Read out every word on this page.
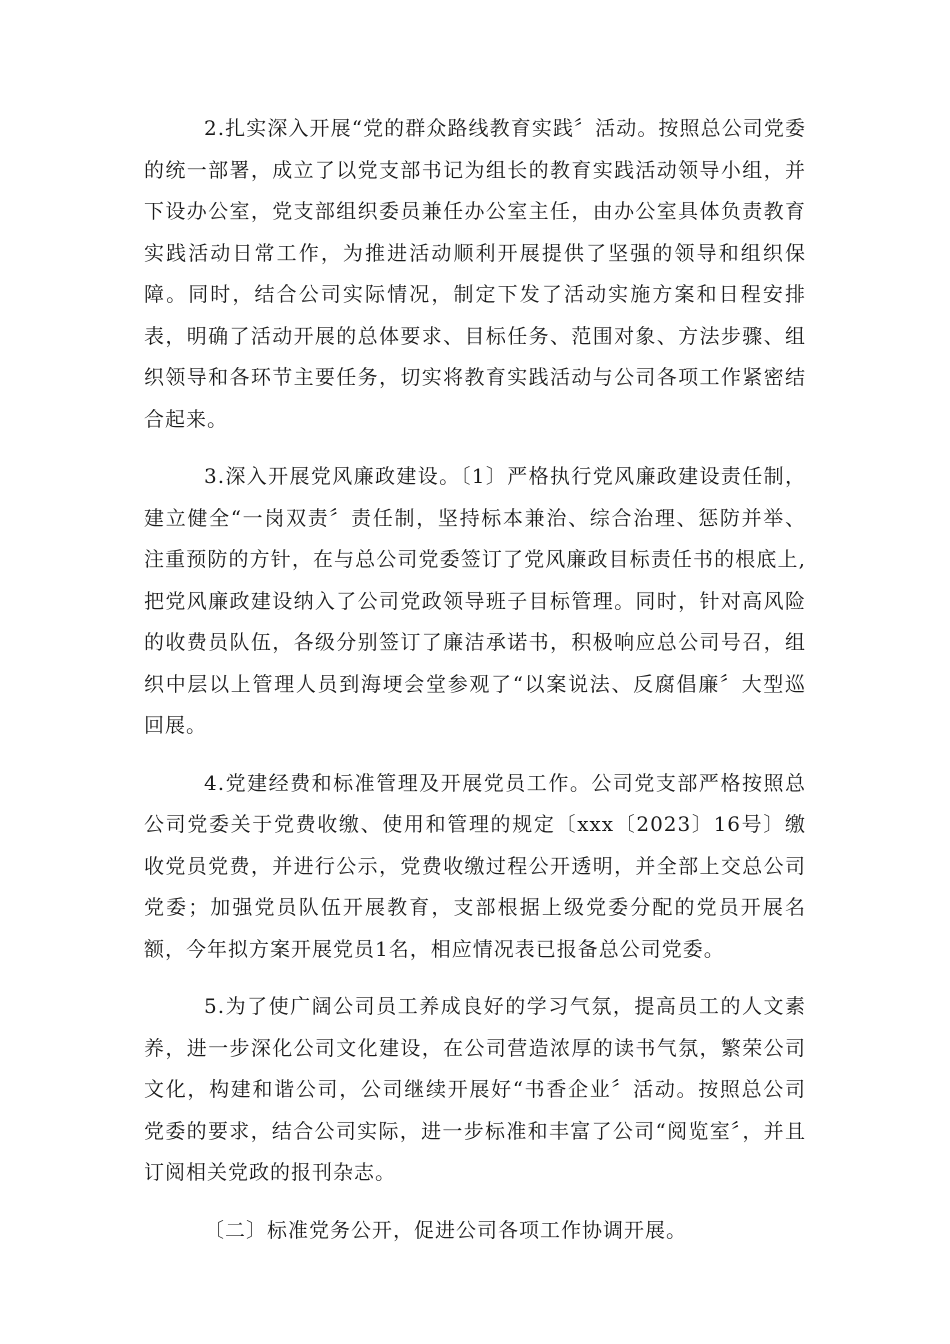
2.扎实深入开展“党的群众路线教育实践〞活动。按照总公司党委的统一部署，成立了以党支部书记为组长的教育实践活动领导小组，并下设办公室，党支部组织委员兼任办公室主任，由办公室具体负责教育实践活动日常工作，为推进活动顺利开展提供了坚强的领导和组织保障。同时，结合公司实际情况，制定下发了活动实施方案和日程安排表，明确了活动开展的总体要求、目标任务、范围对象、方法步骤、组织领导和各环节主要任务，切实将教育实践活动与公司各项工作紧密结合起来。

3.深入开展党风廉政建设。〔1〕严格执行党风廉政建设责任制，建立健全“一岗双责〞责任制，坚持标本兼治、综合治理、惩防并举、注重预防的方针，在与总公司党委签订了党风廉政目标责任书的根底上,把党风廉政建设纳入了公司党政领导班子目标管理。同时，针对高风险的收费员队伍，各级分别签订了廉洁承诺书，积极响应总公司号召，组织中层以上管理人员到海埂会堂参观了“以案说法、反腐倡廉〞大型巡回展。

4.党建经费和标准管理及开展党员工作。公司党支部严格按照总公司党委关于党费收缴、使用和管理的规定〔xxx〔2023〕16号〕缴收党员党费，并进行公示，党费收缴过程公开透明，并全部上交总公司党委；加强党员队伍开展教育，支部根据上级党委分配的党员开展名额，今年拟方案开展党员1名，相应情况表已报备总公司党委。

5.为了使广阔公司员工养成良好的学习气氛，提高员工的人文素养，进一步深化公司文化建设，在公司营造浓厚的读书气氛，繁荣公司文化，构建和谐公司，公司继续开展好“书香企业〞活动。按照总公司党委的要求，结合公司实际，进一步标准和丰富了公司“阅览室〞，并且订阅相关党政的报刊杂志。

〔二〕标准党务公开，促进公司各项工作协调开展。
